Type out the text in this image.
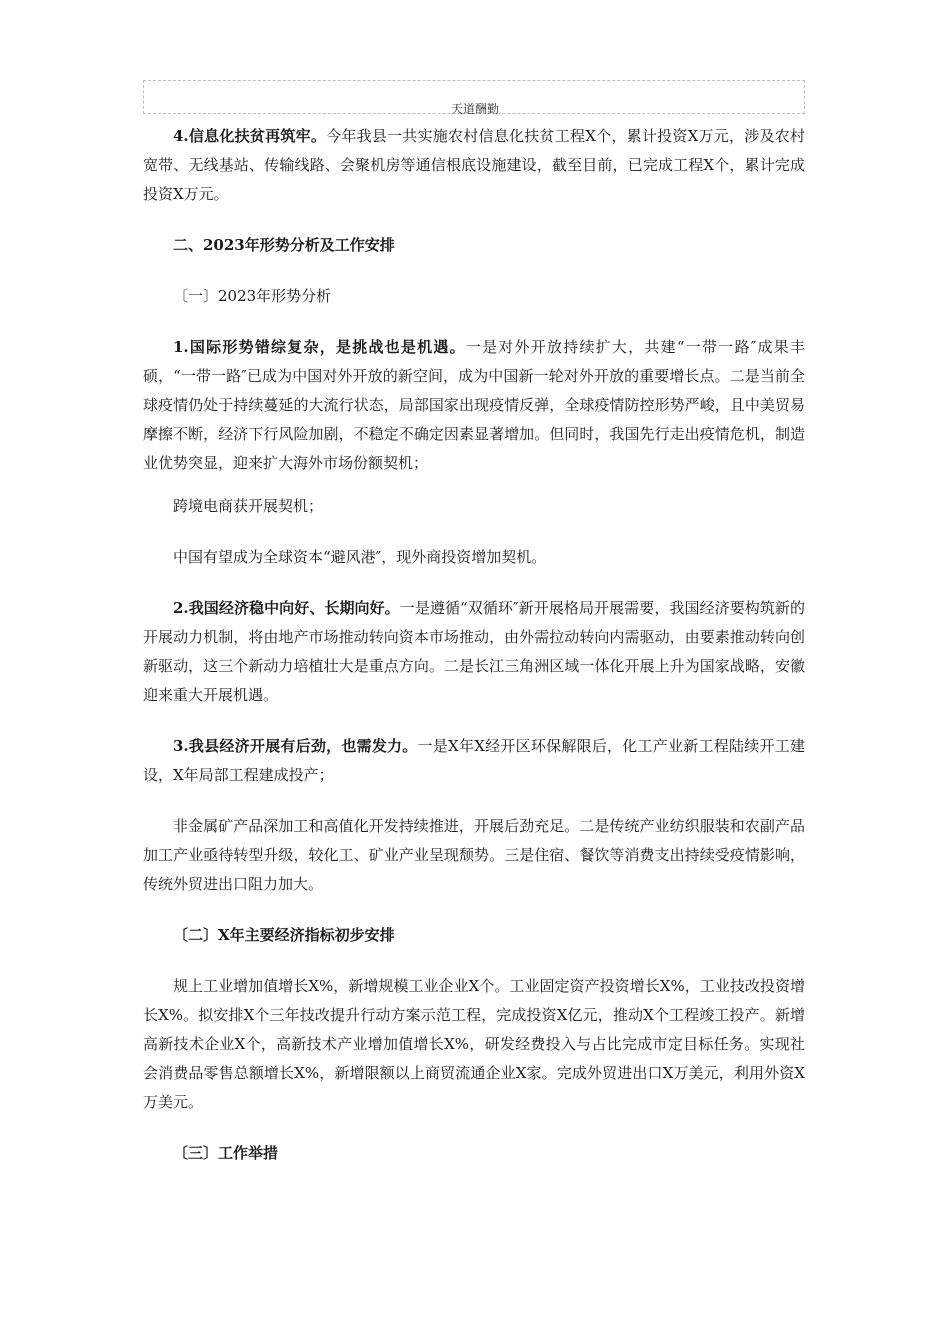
天道酬勤

4.信息化扶贫再筑牢。今年我县一共实施农村信息化扶贫工程X个，累计投资X万元，涉及农村宽带、无线基站、传输线路、会聚机房等通信根底设施建设，截至目前，已完成工程X个，累计完成投资X万元。

二、2023年形势分析及工作安排

〔一〕2023年形势分析

1.国际形势错综复杂，是挑战也是机遇。一是对外开放持续扩大，共建“一带一路″成果丰硕，“一带一路″已成为中国对外开放的新空间，成为中国新一轮对外开放的重要增长点。二是当前全球疫情仍处于持续蔓延的大流行状态，局部国家出现疫情反弹，全球疫情防控形势严峻，且中美贸易摩擦不断，经济下行风险加剧，不稳定不确定因素显著增加。但同时，我国先行走出疫情危机，制造业优势突显，迎来扩大海外市场份额契机；

跨境电商获开展契机；

中国有望成为全球资本“避风港″，现外商投资增加契机。

2.我国经济稳中向好、长期向好。一是遵循“双循环″新开展格局开展需要，我国经济要构筑新的开展动力机制，将由地产市场推动转向资本市场推动，由外需拉动转向内需驱动，由要素推动转向创新驱动，这三个新动力培植壮大是重点方向。二是长江三角洲区域一体化开展上升为国家战略，安徽迎来重大开展机遇。

3.我县经济开展有后劲，也需发力。一是X年X经开区环保解限后，化工产业新工程陆续开工建设，X年局部工程建成投产；

非金属矿产品深加工和高值化开发持续推进，开展后劲充足。二是传统产业纺织服装和农副产品加工产业亟待转型升级，较化工、矿业产业呈现颓势。三是住宿、餐饮等消费支出持续受疫情影响，传统外贸进出口阻力加大。

〔二〕X年主要经济指标初步安排

规上工业增加值增长X%，新增规模工业企业X个。工业固定资产投资增长X%，工业技改投资增长X%。拟安排X个三年技改提升行动方案示范工程，完成投资X亿元，推动X个工程竣工投产。新增高新技术企业X个，高新技术产业增加值增长X%，研发经费投入与占比完成市定目标任务。实现社会消费品零售总额增长X%，新增限额以上商贸流通企业X家。完成外贸进出口X万美元，利用外资X万美元。

〔三〕工作举措
